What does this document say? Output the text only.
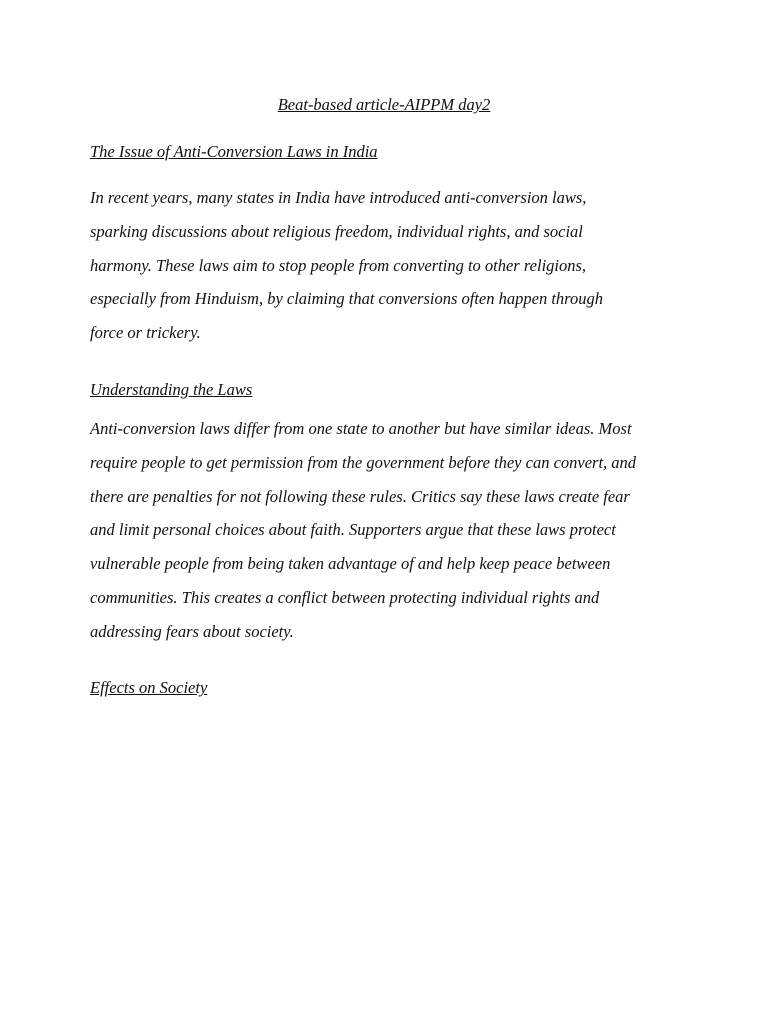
Beat-based article-AIPPM day2
The Issue of Anti-Conversion Laws in India

In recent years, many states in India have introduced anti-conversion laws,
sparking discussions about religious freedom, individual rights, and social
harmony. These laws aim to stop people from converting to other religions,
especially from Hinduism, by claiming that conversions often happen through
force or trickery.

Understanding the Laws

Anti-conversion laws differ from one state to another but have similar ideas. Most
require people to get permission from the government before they can convert, and
there are penalties for not following these rules. Critics say these laws create fear
and limit personal choices about faith. Supporters argue that these laws protect
vulnerable people from being taken advantage of and help keep peace between
communities. This creates a conflict between protecting individual rights and
addressing fears about society.

Effects on Society
